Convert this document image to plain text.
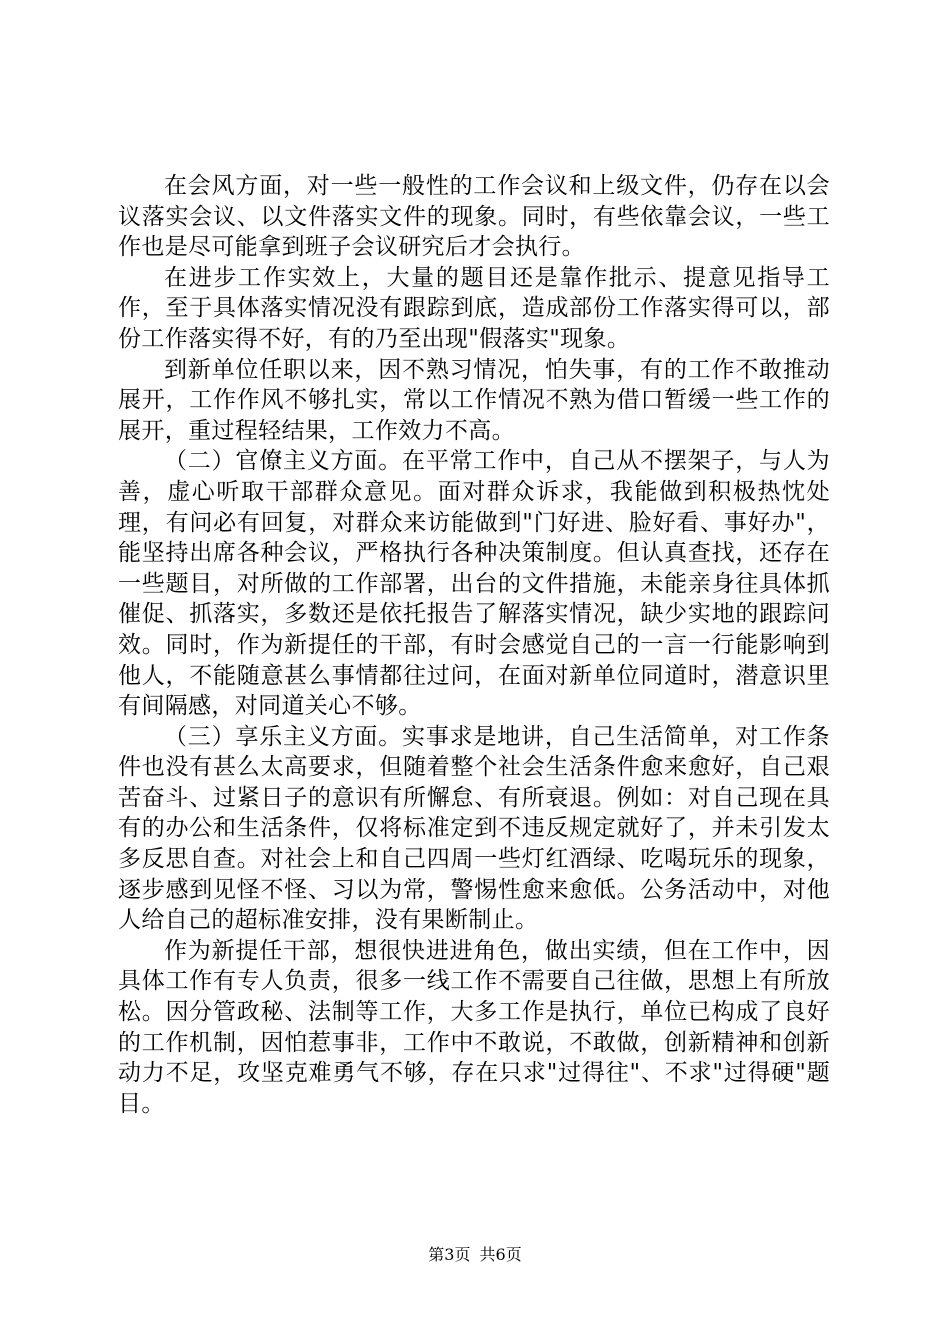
在会风方面，对一些一般性的工作会议和上级文件，仍存在以会议落实会议、以文件落实文件的现象。同时，有些依靠会议，一些工作也是尽可能拿到班子会议研究后才会执行。

在进步工作实效上，大量的题目还是靠作批示、提意见指导工作，至于具体落实情况没有跟踪到底，造成部份工作落实得可以，部份工作落实得不好，有的乃至出现"假落实"现象。

到新单位任职以来，因不熟习情况，怕失事，有的工作不敢推动展开，工作作风不够扎实，常以工作情况不熟为借口暂缓一些工作的展开，重过程轻结果，工作效力不高。

（二）官僚主义方面。在平常工作中，自己从不摆架子，与人为善，虚心听取干部群众意见。面对群众诉求，我能做到积极热忱处理，有问必有回复，对群众来访能做到"门好进、脸好看、事好办"，能坚持出席各种会议，严格执行各种决策制度。但认真查找，还存在一些题目，对所做的工作部署，出台的文件措施，未能亲身往具体抓催促、抓落实，多数还是依托报告了解落实情况，缺少实地的跟踪问效。同时，作为新提任的干部，有时会感觉自己的一言一行能影响到他人，不能随意甚么事情都往过问，在面对新单位同道时，潜意识里有间隔感，对同道关心不够。

（三）享乐主义方面。实事求是地讲，自己生活简单，对工作条件也没有甚么太高要求，但随着整个社会生活条件愈来愈好，自己艰苦奋斗、过紧日子的意识有所懈怠、有所衰退。例如：对自己现在具有的办公和生活条件，仅将标准定到不违反规定就好了，并未引发太多反思自查。对社会上和自己四周一些灯红酒绿、吃喝玩乐的现象，逐步感到见怪不怪、习以为常，警惕性愈来愈低。公务活动中，对他人给自己的超标准安排，没有果断制止。

作为新提任干部，想很快进进角色，做出实绩，但在工作中，因具体工作有专人负责，很多一线工作不需要自己往做，思想上有所放松。因分管政秘、法制等工作，大多工作是执行，单位已构成了良好的工作机制，因怕惹事非，工作中不敢说，不敢做，创新精神和创新动力不足，攻坚克难勇气不够，存在只求"过得往"、不求"过得硬"题目。

第3页 共6页
